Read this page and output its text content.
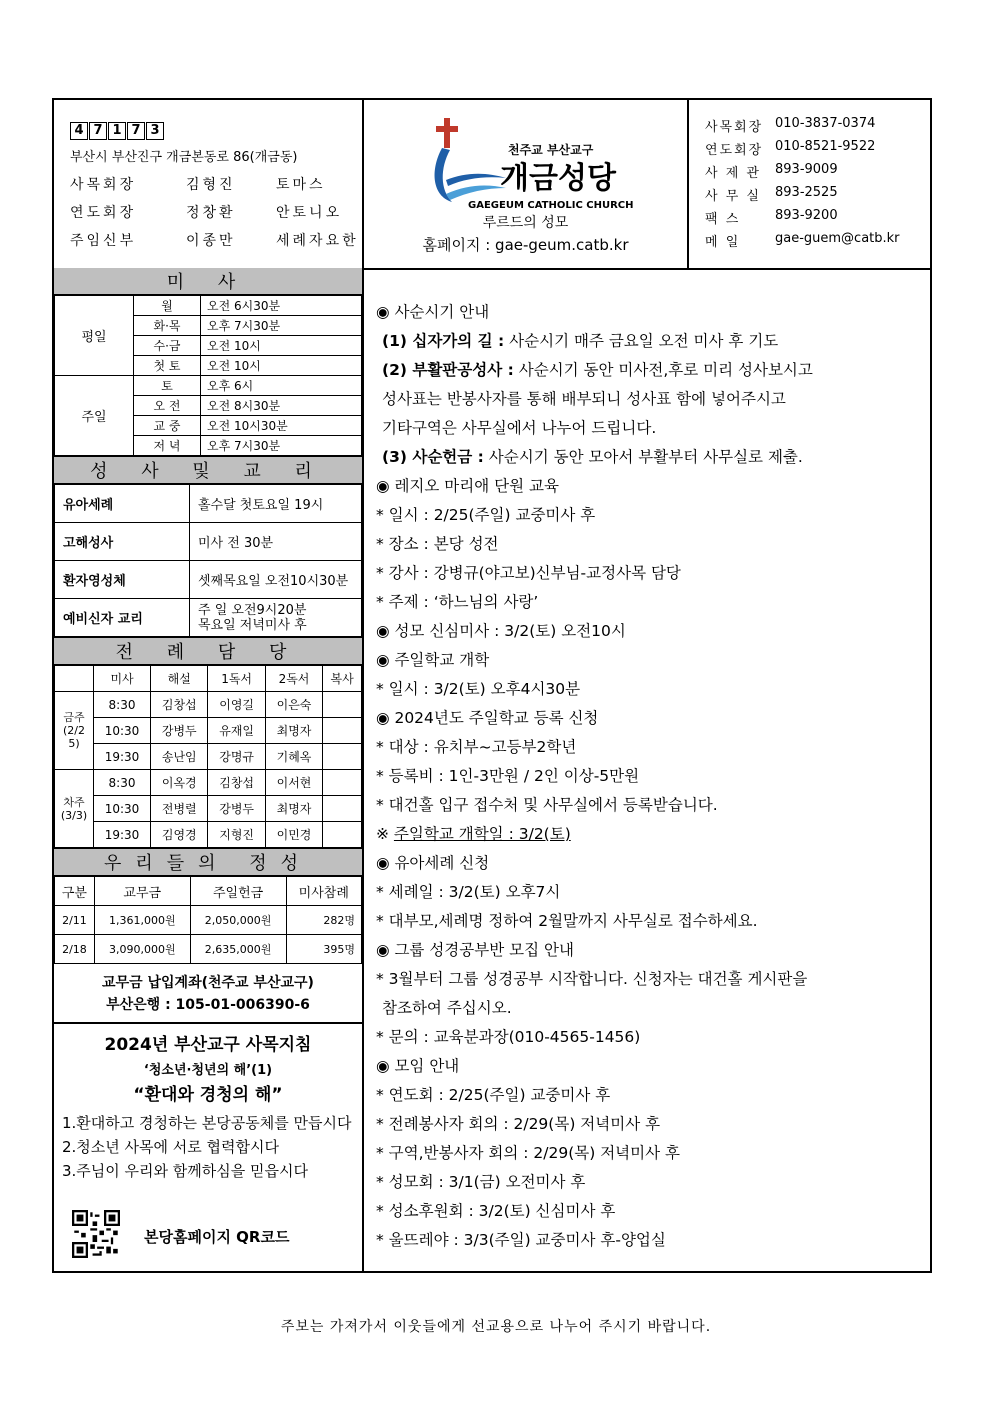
4 7 1 7 3
부산시 부산진구 개금본동로 86(개금동)
사목회장	김형진	토마스
연도회장	정창환	안토니오
주임신부	이종만	세례자요한
천주교 부산교구
개금성당
GAEGEUM CATHOLIC CHURCH
루르드의 성모
홈페이지 : gae-geum.catb.kr
사목회장 010-3837-0374
연도회장 010-8521-9522
사 제 관	893-9009
사 무 실	893-2525
팩 스	893-9200
메 일	gae-guem@catb.kr
미 사
평일	월	오전 6시30분
	화·목	오후 7시30분
	수·금	오전 10시
	첫 토	오전 10시
주일	토	오후 6시
	오 전	오전 8시30분
	교 중	오전 10시30분
	저 녁	오후 7시30분
성 사 및 교 리
유아세례	홀수달 첫토요일 19시

고해성사	미사 전 30분

환자영성체	셋째목요일 오전10시30분

예비신자 교리	주 일 오전9시20분
목요일 저녁미사 후
전 례 담 당
	미사	해설	1독서	2독서	복사
금주(2/25)	8:30	김창섭	이영길	이은숙	
	10:30	강병두	유재일	최명자	
	19:30	송난임	강명규	기혜옥	
차주(3/3)	8:30	이옥경	김창섭	이서현	
	10:30	전병렬	강병두	최명자	
	19:30	김영경	지형진	이민경	
우리들의 정성
구분	교무금	주일헌금	미사참례
2/11	1,361,000원	2,050,000원	282명
2/18	3,090,000원	2,635,000원	395명
교무금 납입계좌(천주교 부산교구)
부산은행 : 105-01-006390-6
2024년 부산교구 사목지침
‘청소년·청년의 해’(1)
“환대와 경청의 해”
1.환대하고 경청하는 본당공동체를 만듭시다
2.청소년 사목에 서로 협력합시다
3.주님이 우리와 함께하심을 믿읍시다
본당홈페이지 QR코드
◉ 사순시기 안내
(1) 십자가의 길 : 사순시기 매주 금요일 오전 미사 후 기도
(2) 부활판공성사 : 사순시기 동안 미사전,후로 미리 성사보시고
성사표는 반봉사자를 통해 배부되니 성사표 함에 넣어주시고
기타구역은 사무실에서 나누어 드립니다.
(3) 사순헌금 : 사순시기 동안 모아서 부활부터 사무실로 제출.
◉ 레지오 마리애 단원 교육
* 일시 : 2/25(주일) 교중미사 후
* 장소 : 본당 성전
* 강사 : 강병규(야고보)신부님-교정사목 담당
* 주제 : ‘하느님의 사랑’
◉ 성모 신심미사 : 3/2(토) 오전10시
◉ 주일학교 개학
* 일시 : 3/2(토) 오후4시30분
◉ 2024년도 주일학교 등록 신청
* 대상 : 유치부~고등부2학년
* 등록비 : 1인-3만원 / 2인 이상-5만원
* 대건홀 입구 접수처 및 사무실에서 등록받습니다.
※ 주일학교 개학일 : 3/2(토)
◉ 유아세례 신청
* 세례일 : 3/2(토) 오후7시
* 대부모,세례명 정하여 2월말까지 사무실로 접수하세요.
◉ 그룹 성경공부반 모집 안내
* 3월부터 그룹 성경공부 시작합니다. 신청자는 대건홀 게시판을
참조하여 주십시오.
* 문의 : 교육분과장(010-4565-1456)
◉ 모임 안내
* 연도회 : 2/25(주일) 교중미사 후
* 전례봉사자 회의 : 2/29(목) 저녁미사 후
* 구역,반봉사자 회의 : 2/29(목) 저녁미사 후
* 성모회 : 3/1(금) 오전미사 후
* 성소후원회 : 3/2(토) 신심미사 후
* 울뜨레야 : 3/3(주일) 교중미사 후-양업실
주보는 가져가서 이웃들에게 선교용으로 나누어 주시기 바랍니다.
